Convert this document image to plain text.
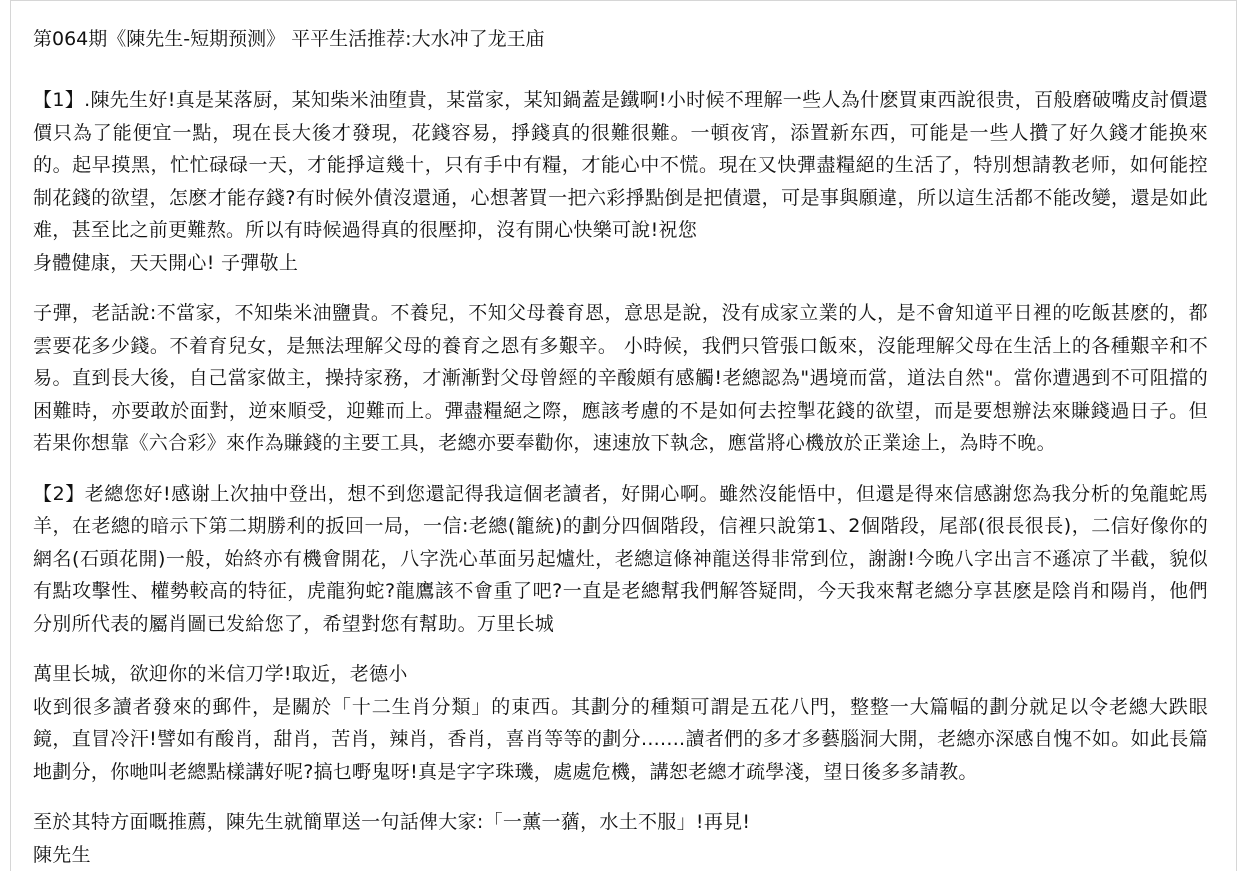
第064期《陳先生-短期预测》 平平生活推荐:大水冲了龙王庙

【1】.陳先生好!真是某落厨，某知柴米油堕貴，某當家，某知鍋蓋是鐵啊!小时候不理解一些人為什麽買東西說很贵，百般磨破嘴皮討價還價只為了能便宜一點，現在長大後才發現，花錢容易，掙錢真的很難很難。一頓夜宵，添置新东西，可能是一些人攢了好久錢才能换來的。起早摸黑，忙忙碌碌一天，才能掙這幾十，只有手中有糧，才能心中不慌。現在又快彈盡糧絕的生活了，特別想請教老师，如何能控制花錢的欲望，怎麽才能存錢?有时候外債沒還通，心想著買一把六彩掙點倒是把債還，可是事與願違，所以這生活都不能改變，還是如此难，甚至比之前更難熬。所以有時候過得真的很壓抑，沒有開心快樂可說!祝您
身體健康，天天開心! 子彈敬上

子彈，老話說:不當家，不知柴米油鹽貴。不養兒，不知父母養育恩，意思是說，没有成家立業的人，是不會知道平日裡的吃飯甚麽的，都雲要花多少錢。不着育兒女，是無法理解父母的養育之恩有多艱辛。 小時候，我們只管張口飯來，沒能理解父母在生活上的各種艱辛和不易。直到長大後，自己當家做主，操持家務，才漸漸對父母曾經的辛酸頗有感觸!老總認為"遇境而當，道法自然"。當你遭遇到不可阻擋的困難時，亦要敢於面對，逆來順受，迎難而上。彈盡糧絕之際，應該考慮的不是如何去控掣花錢的欲望，而是要想辦法來賺錢過日子。但若果你想靠《六合彩》來作為賺錢的主要工具，老總亦要奉勸你，速速放下執念，應當將心機放於正業途上，為時不晚。

【2】老總您好!感谢上次抽中登出，想不到您還記得我這個老讀者，好開心啊。雖然沒能悟中，但還是得來信感謝您為我分析的兔龍蛇馬羊，在老總的暗示下第二期勝利的扳回一局，一信:老總(籠統)的劃分四個階段，信裡只說第1、2個階段，尾部(很長很長)，二信好像你的網名(石頭花開)一般，始終亦有機會開花，八字洗心革面另起爐灶，老總這條神龍送得非常到位，謝謝!今晚八字出言不遜凉了半截，貌似有點攻擊性、權勢較高的特征，虎龍狗蛇?龍鷹該不會重了吧?一直是老總幫我們解答疑問，今天我來幫老總分享甚麽是陰肖和陽肖，他們分別所代表的屬肖圖已发給您了，希望對您有幫助。万里长城

萬里长城，欲迎你的米信刀学!取近，老德小
收到很多讀者發來的郵件，是關於「十二生肖分類」的東西。其劃分的種類可謂是五花八門，整整一大篇幅的劃分就足以令老總大跌眼鏡，直冒冷汗!譬如有酸肖，甜肖，苦肖，辣肖，香肖，喜肖等等的劃分.......讀者們的多才多藝腦洞大開，老總亦深感自愧不如。如此長篇地劃分，你哋叫老總點樣講好呢?搞乜嘢鬼呀!真是字字珠璣，處處危機，講恕老總才疏學淺，望日後多多請教。

至於其特方面嘅推薦，陳先生就簡單送一句話俾大家:「一薰一蕕，水土不服」!再見!
陳先生
